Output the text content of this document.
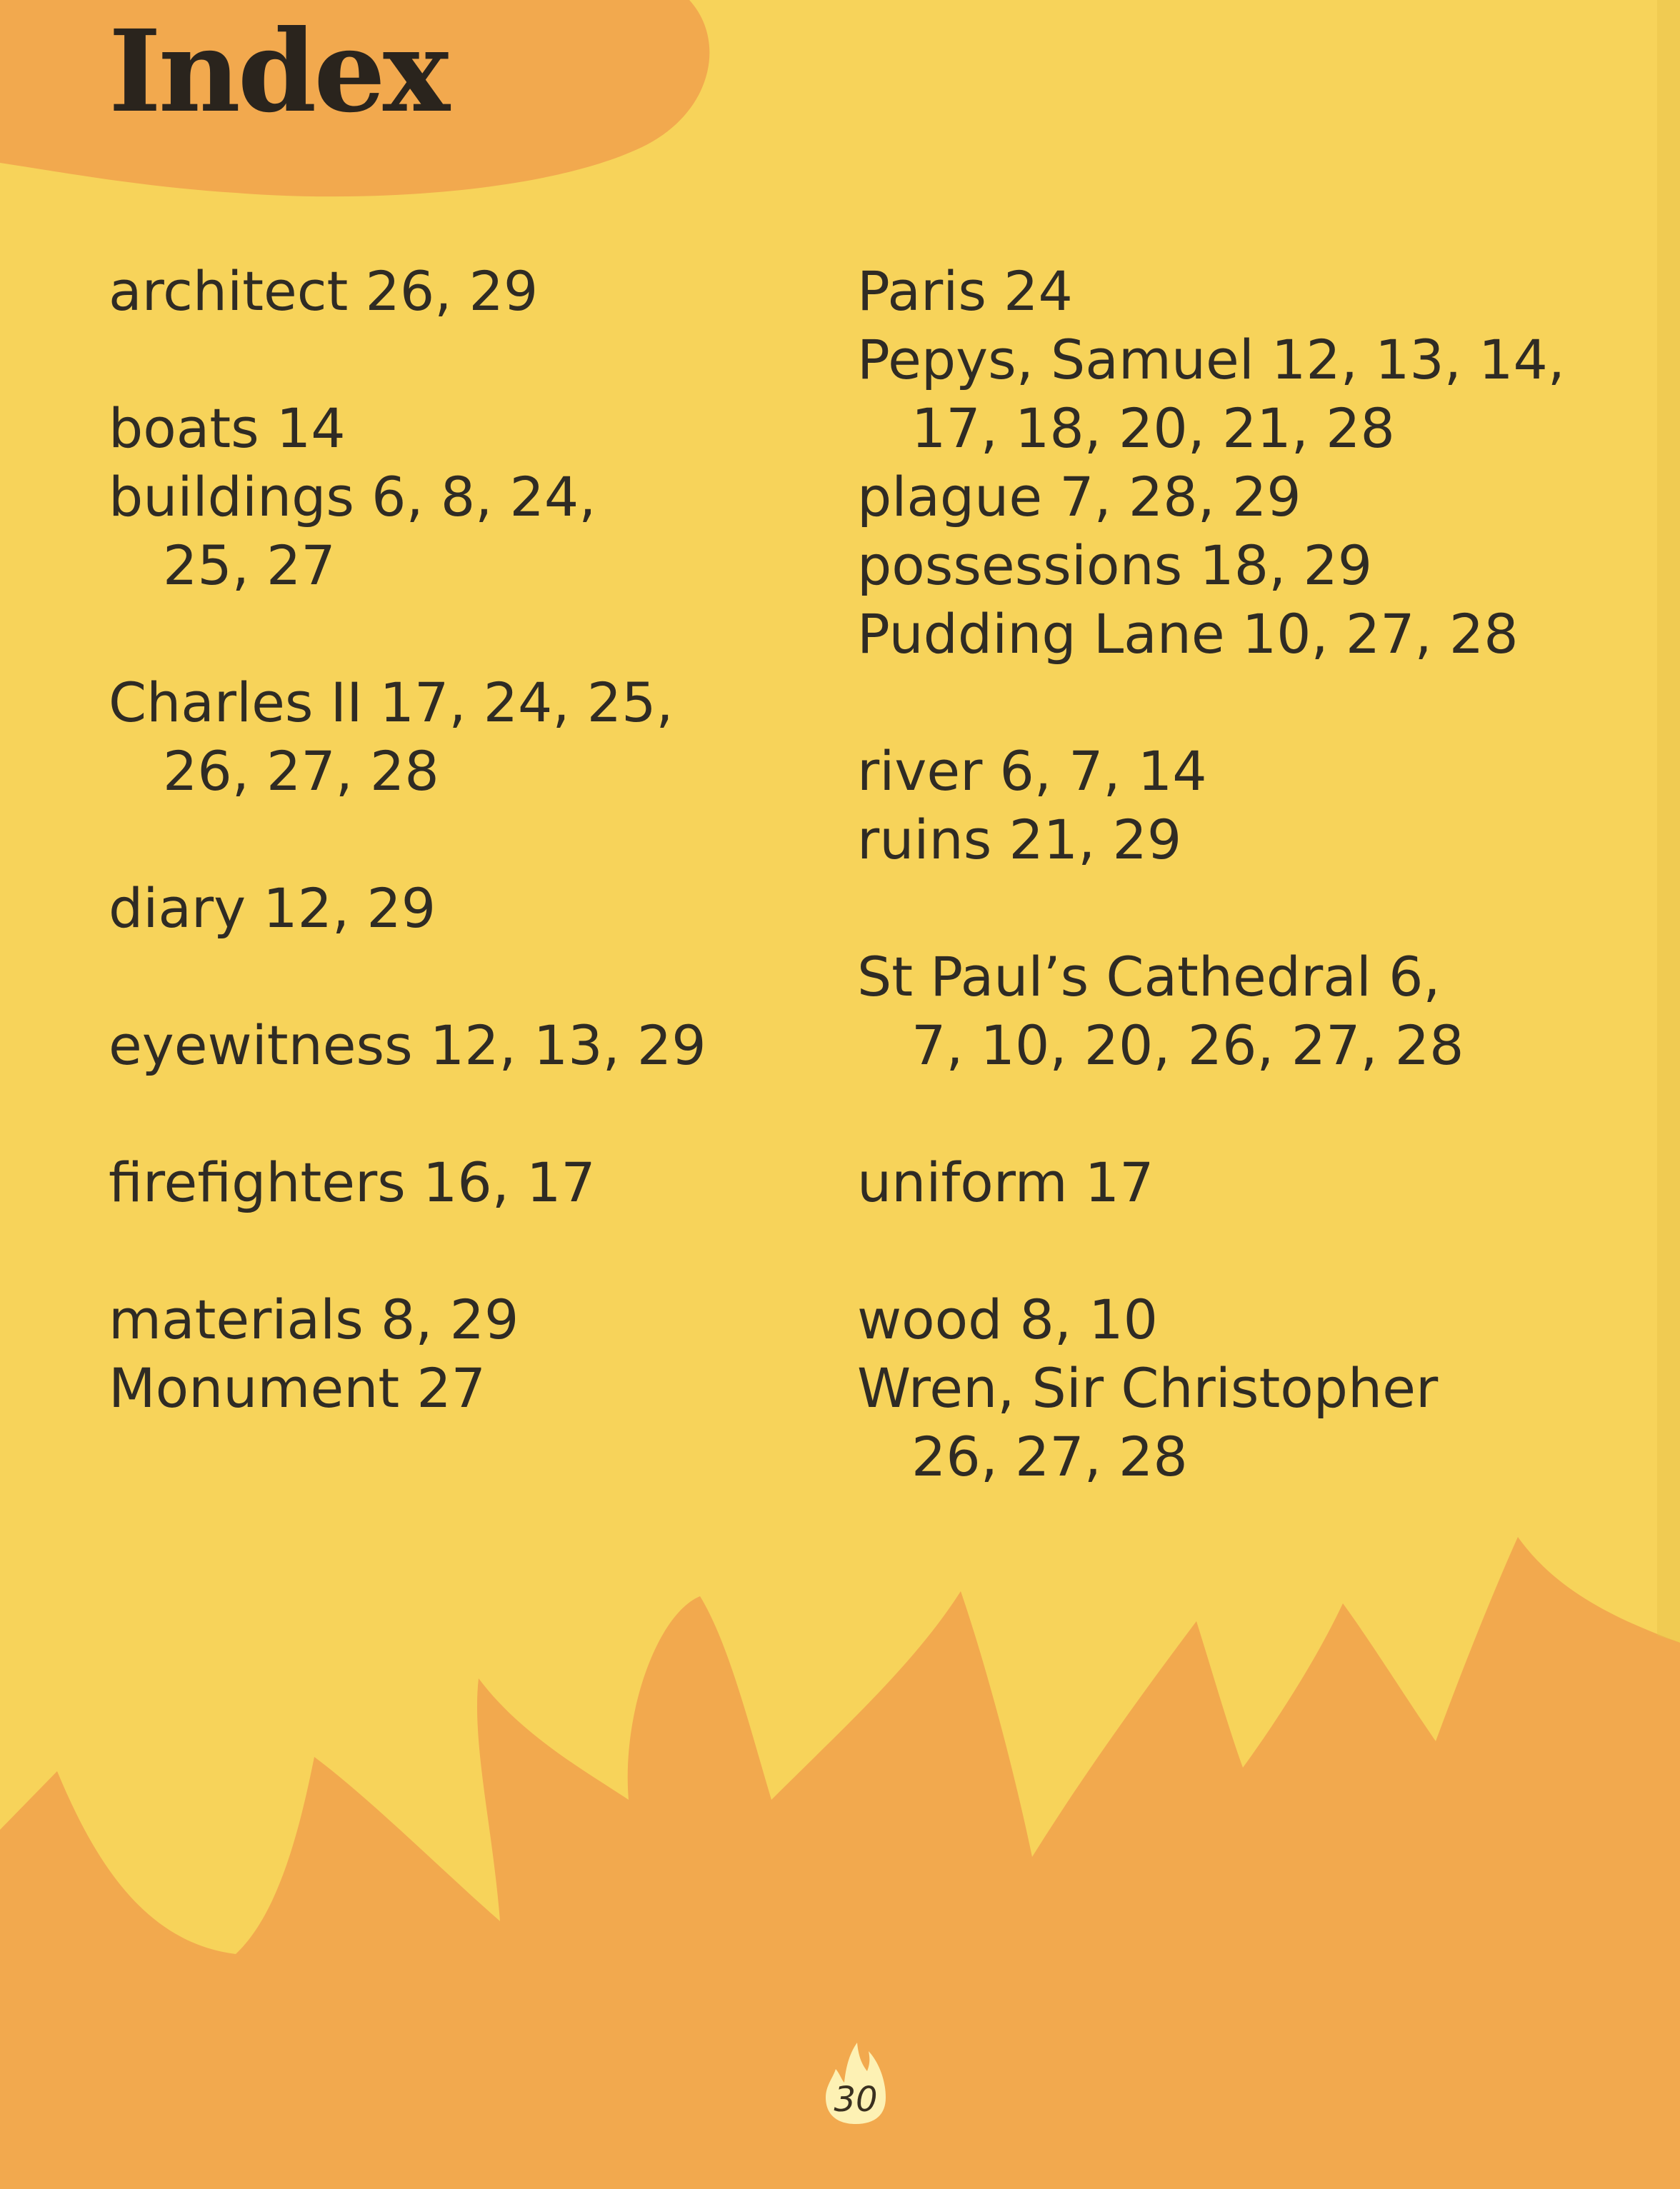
Index
architect 26, 29
boats 14
buildings 6, 8, 24,
25, 27
Charles II 17, 24, 25,
26, 27, 28
diary 12, 29
eyewitness 12, 13, 29
firefighters 16, 17
materials 8, 29
Monument 27
Paris 24
Pepys, Samuel 12, 13, 14,
17, 18, 20, 21, 28
plague 7, 28, 29
possessions 18, 29
Pudding Lane 10, 27, 28
river 6, 7, 14
ruins 21, 29
St Paul’s Cathedral 6,
7, 10, 20, 26, 27, 28
uniform 17
wood 8, 10
Wren, Sir Christopher
26, 27, 28
30
